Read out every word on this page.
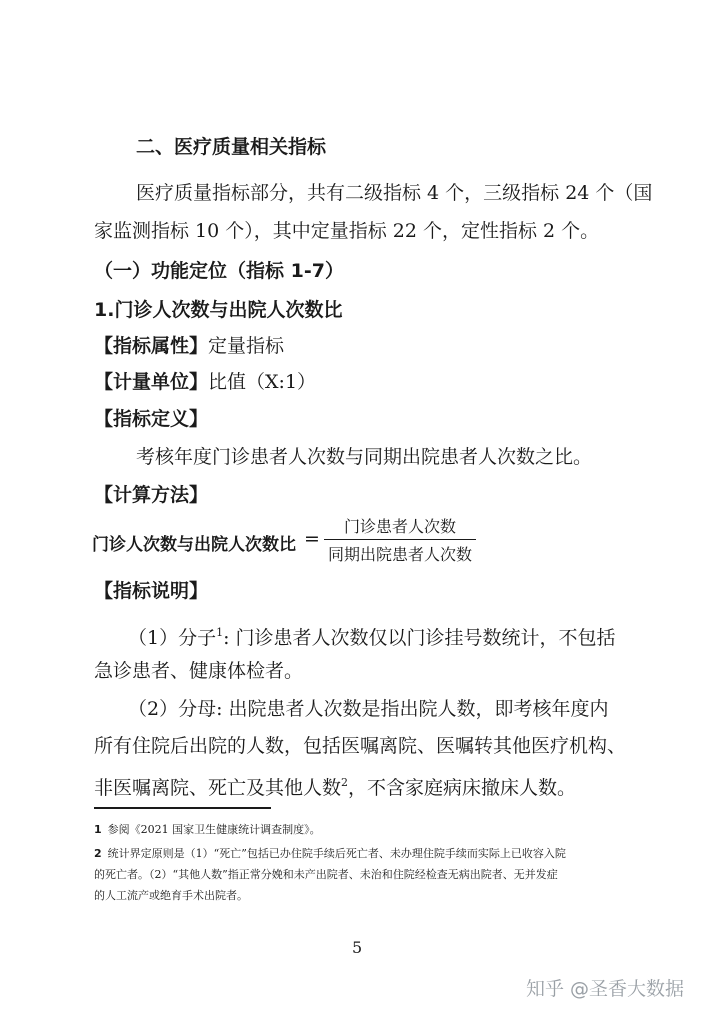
二、医疗质量相关指标
医疗质量指标部分，共有二级指标 4 个，三级指标 24 个（国
家监测指标 10 个），其中定量指标 22 个，定性指标 2 个。
（一）功能定位（指标 1-7）
1.门诊人次数与出院人次数比
【指标属性】定量指标
【计量单位】比值（X:1）
【指标定义】
考核年度门诊患者人次数与同期出院患者人次数之比。
【计算方法】
门诊人次数与出院人次数比 =
门诊患者人次数
同期出院患者人次数
【指标说明】
（1）分子$^1$: 门诊患者人次数仅以门诊挂号数统计，不包括
急诊患者、健康体检者。
（2）分母: 出院患者人次数是指出院人数，即考核年度内
所有住院后出院的人数，包括医嘱离院、医嘱转其他医疗机构、
非医嘱离院、死亡及其他人数$^2$，不含家庭病床撤床人数。
1 参阅《2021 国家卫生健康统计调查制度》。
2 统计界定原则是（1）“死亡”包括已办住院手续后死亡者、未办理住院手续而实际上已收容入院
的死亡者。（2）“其他人数”指正常分娩和未产出院者、未治和住院经检查无病出院者、无并发症
的人工流产或绝育手术出院者。
5
知乎 @圣香大数据
